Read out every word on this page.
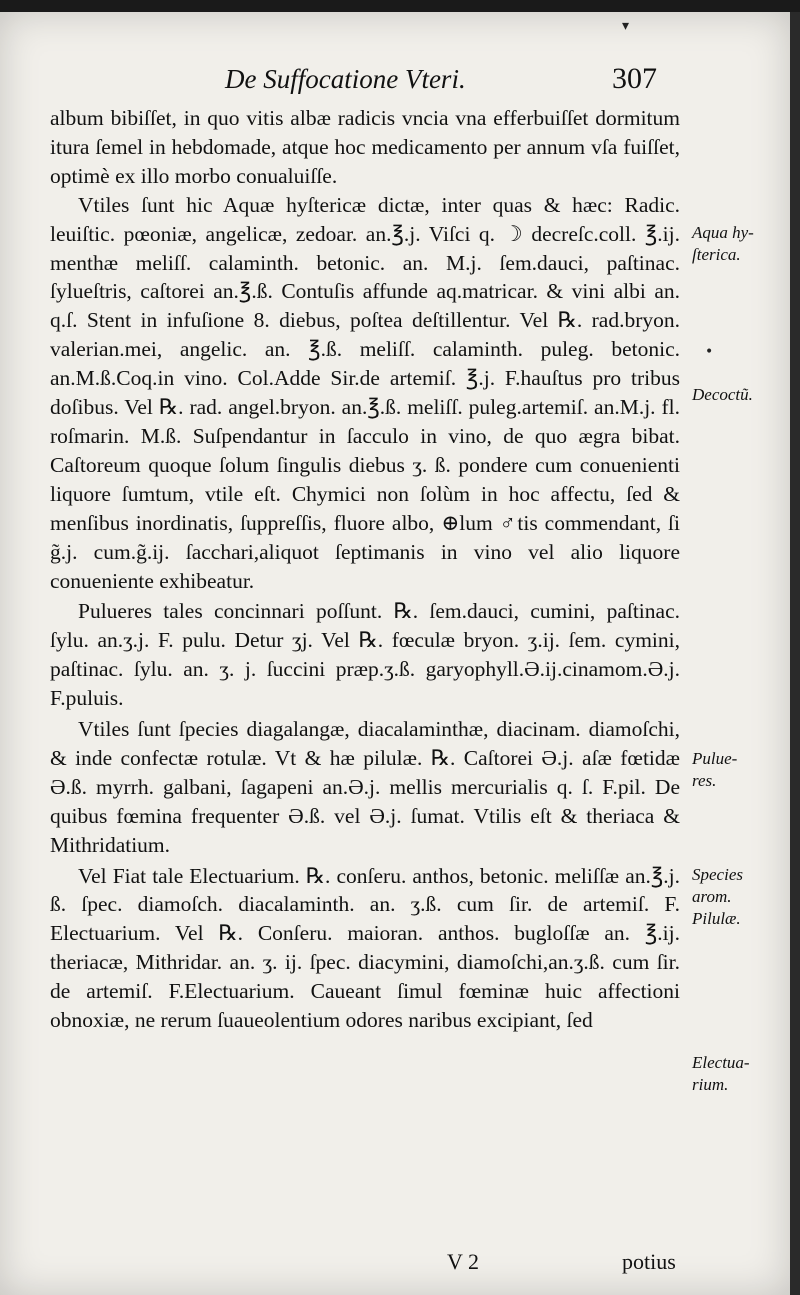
De Suffocatione Vteri.	307

album bibiſſet, in quo vitis albæ radicis vncia vna efferbuiſſet dormitum itura ſemel in hebdomade, atque hoc medicamento per annum vſa fuiſſet, optimè ex illo morbo conualuiſſe.

Vtiles ſunt hic Aquæ hyſtericæ dictæ, inter quas & hæc: Radic. leuiſtic. pœoniæ, angelicæ, zedoar. an.℥.j. Viſci q. ☽ decreſc.coll. ℥.ij. menthæ meliſſ. calaminth. betonic. an. M.j. ſem.dauci, paſtinac. ſylueſtris, caſtorei an.℥.ß. Contuſis affunde aq.matricar. & vini albi an. q.ſ. Stent in infuſione 8. diebus, poſtea deſtillentur. Vel ℞. rad.bryon. valerian.mei, angelic. an. ℥.ß. meliſſ. calaminth. puleg. betonic. an.M.ß.Coq.in vino. Col.Adde Sir.de artemiſ. ℥.j. F.hauſtus pro tribus doſibus. Vel ℞. rad. angel.bryon. an.℥.ß. meliſſ. puleg.artemiſ. an.M.j. fl. roſmarin. M.ß. Suſpendantur in ſacculo in vino, de quo ægra bibat. Caſtoreum quoque ſolum ſingulis diebus ʒ. ß. pondere cum conuenienti liquore ſumtum, vtile eſt. Chymici non ſolùm in hoc affectu, ſed & menſibus inordinatis, ſuppreſſis, fluore albo, ⊕lum ♂tis commendant, ſi g̃.j. cum.g̃.ij. ſacchari,aliquot ſeptimanis in vino vel alio liquore conueniente exhibeatur.

Pulueres tales concinnari poſſunt. ℞. ſem.dauci, cumini, paſtinac. ſylu. an.ʒ.j. F. pulu. Detur ʒj. Vel ℞. fœculæ bryon. ʒ.ij. ſem. cymini, paſtinac. ſylu. an. ʒ. j. ſuccini præp.ʒ.ß. garyophyll.Ə.ij.cinamom.Ə.j. F.puluis.

Vtiles ſunt ſpecies diagalangæ, diacalaminthæ, diacinam. diamoſchi, & inde confectæ rotulæ. Vt & hæ pilulæ. ℞. Caſtorei Ə.j. aſæ fœtidæ Ə.ß. myrrh. galbani, ſagapeni an.Ə.j. mellis mercurialis q. ſ. F.pil. De quibus fœmina frequenter Ə.ß. vel Ə.j. ſumat. Vtilis eſt & theriaca & Mithridatium.

Vel Fiat tale Electuarium. ℞. conſeru. anthos, betonic. meliſſæ an.℥.j. ß. ſpec. diamoſch. diacalaminth. an. ʒ.ß. cum ſir. de artemiſ. F. Electuarium. Vel ℞. Conſeru. maioran. anthos. bugloſſæ an. ℥.ij. theriacæ, Mithridar. an. ʒ. ij. ſpec. diacymini, diamoſchi,an.ʒ.ß. cum ſir. de artemiſ. F.Electuarium. Caueant ſimul fœminæ huic affectioni obnoxiæ, ne rerum ſuaueolentium odores naribus excipiant, ſed

Aqua hy-
ſterica.
Decoctũ.
Pulue-
res.
Species
arom.
Pilulæ.
Electua-
rium.
•
▾
V 2	potius
